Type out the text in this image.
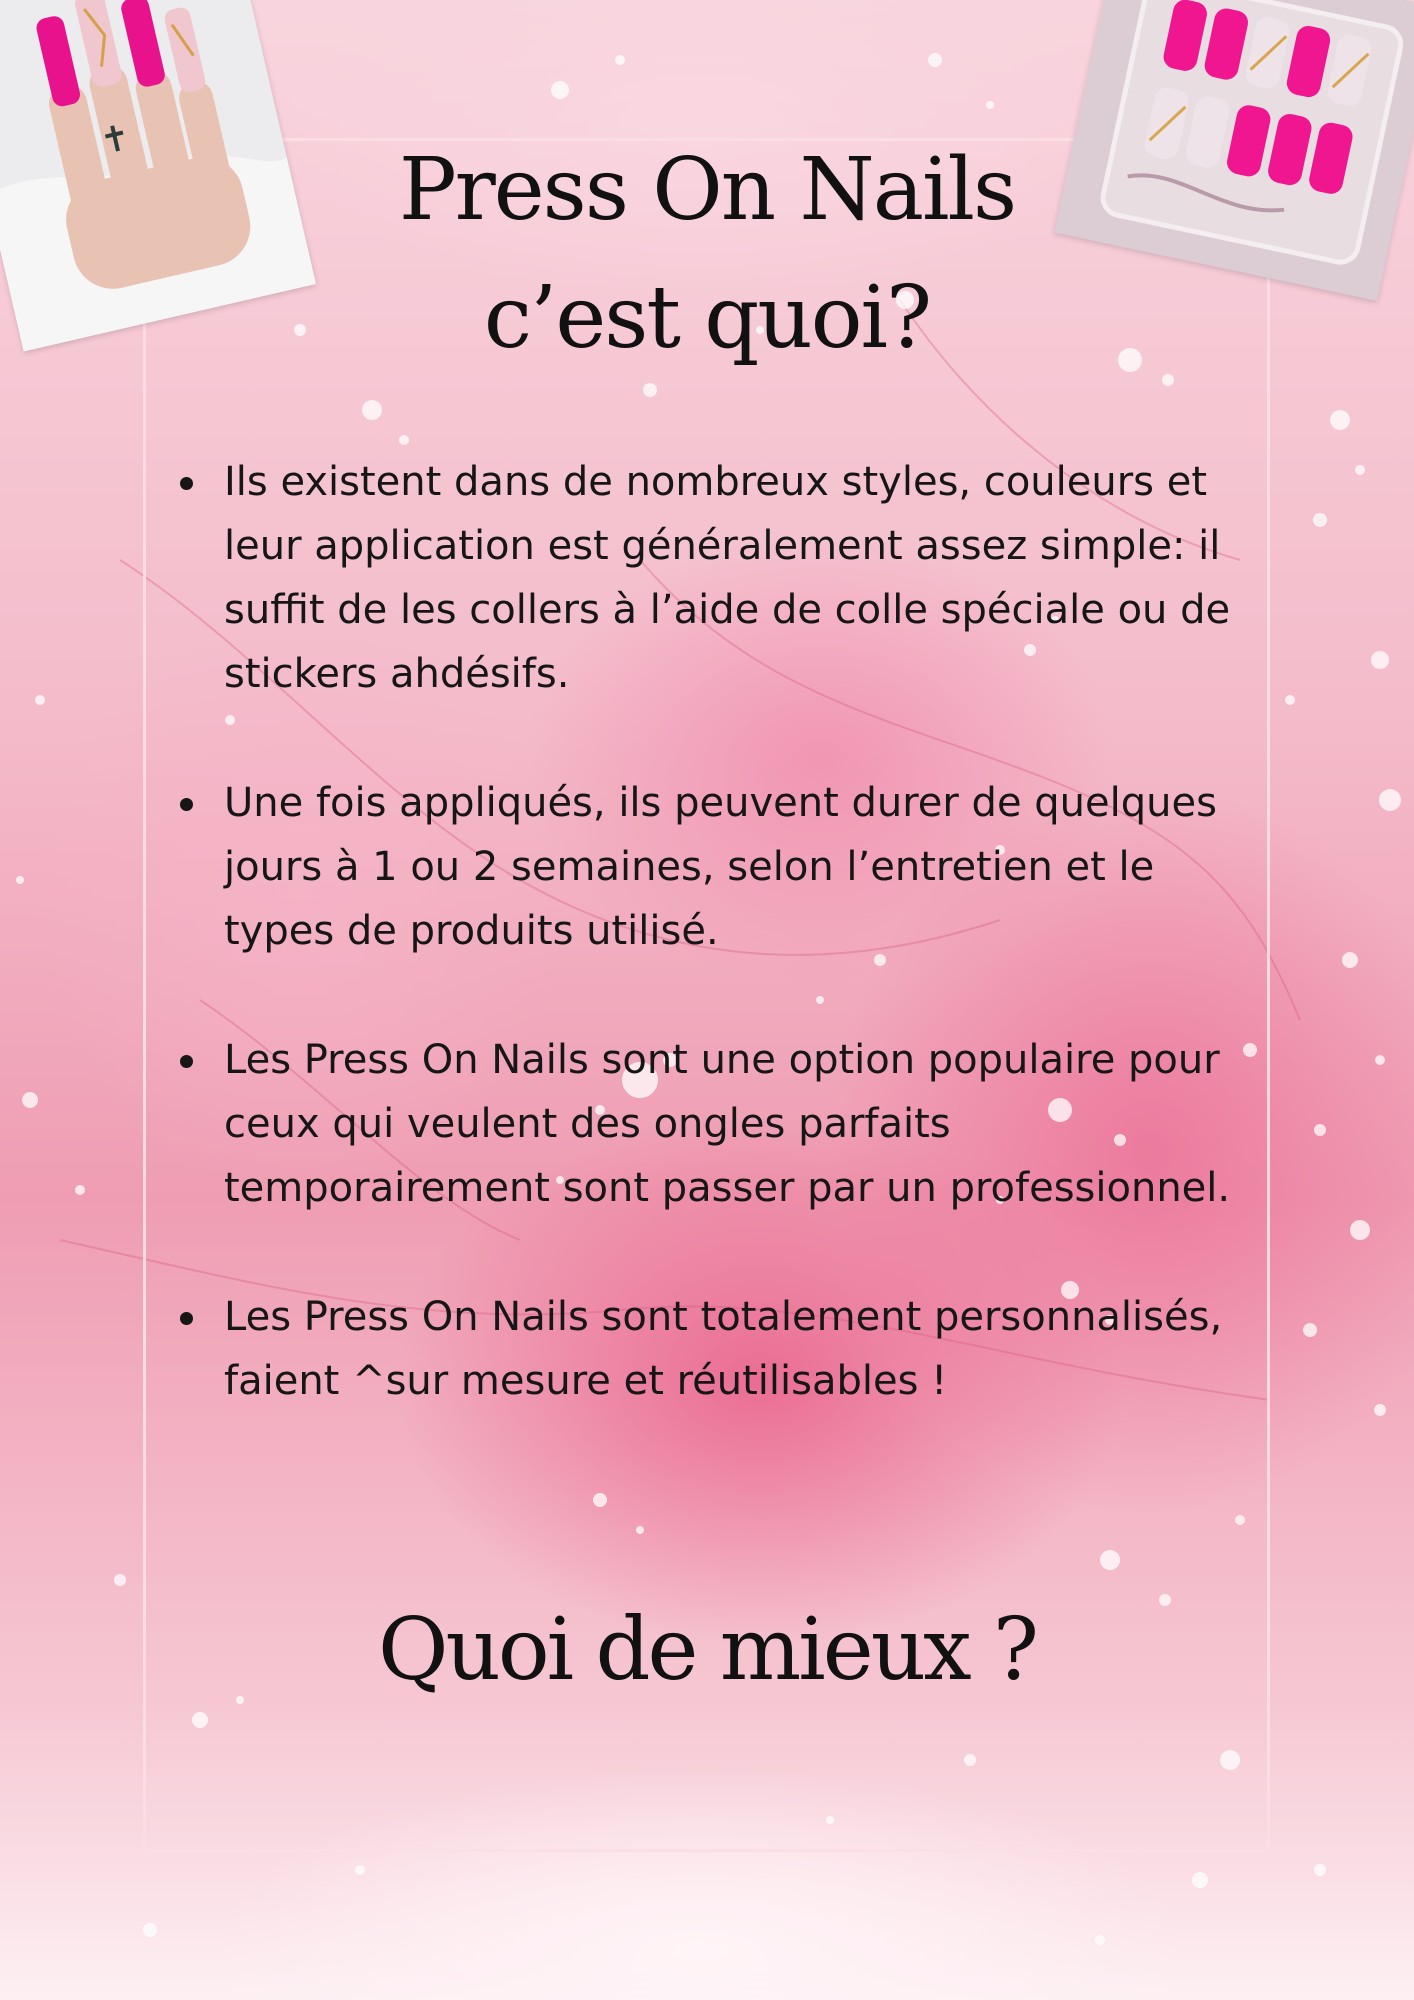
Press On Nails
c’est quoi?
Ils existent dans de nombreux styles, couleurs et leur application est généralement assez simple: il suffit de les collers à l’aide de colle spéciale ou de stickers ahdésifs.
Une fois appliqués, ils peuvent durer de quelques jours à 1 ou 2 semaines, selon l’entretien et le types de produits utilisé.
Les Press On Nails sont une option populaire pour ceux qui veulent des ongles parfaits temporairement sont passer par un professionnel.
Les Press On Nails sont totalement personnalisés, faient ^sur mesure et réutilisables !
Quoi de mieux ?
